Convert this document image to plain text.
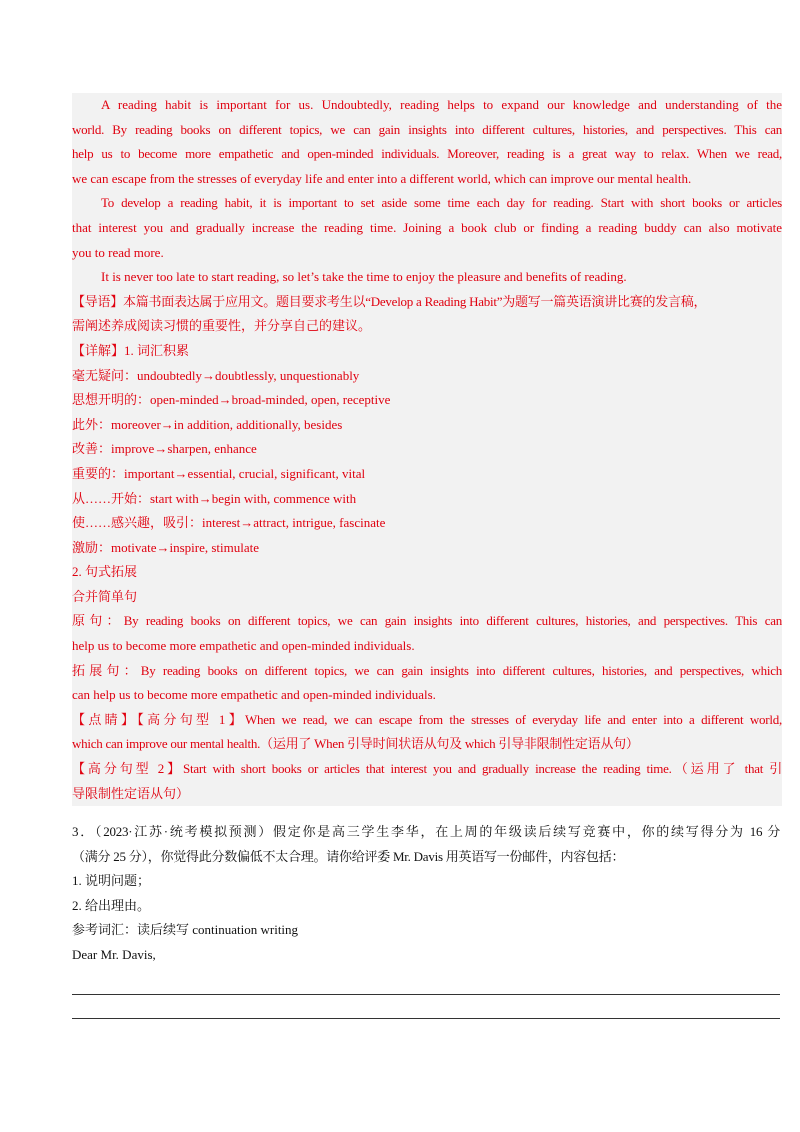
A reading habit is important for us. Undoubtedly, reading helps to expand our knowledge and understanding of the
world. By reading books on different topics, we can gain insights into different cultures, histories, and perspectives. This can
help us to become more empathetic and open-minded individuals. Moreover, reading is a great way to relax. When we read,
we can escape from the stresses of everyday life and enter into a different world, which can improve our mental health.
To develop a reading habit, it is important to set aside some time each day for reading. Start with short books or articles
that interest you and gradually increase the reading time. Joining a book club or finding a reading buddy can also motivate
you to read more.
It is never too late to start reading, so let’s take the time to enjoy the pleasure and benefits of reading.
【导语】本篇书面表达属于应用文。题目要求考生以“Develop a Reading Habit”为题写一篇英语演讲比赛的发言稿，
需阐述养成阅读习惯的重要性，并分享自己的建议。
【详解】1. 词汇积累
毫无疑问：undoubtedly→doubtlessly, unquestionably
思想开明的：open-minded→broad-minded, open, receptive
此外：moreover→in addition, additionally, besides
改善：improve→sharpen, enhance
重要的：important→essential, crucial, significant, vital
从……开始：start with→begin with, commence with
使……感兴趣，吸引：interest→attract, intrigue, fascinate
激励：motivate→inspire, stimulate
2. 句式拓展
合并简单句
原句：By reading books on different topics, we can gain insights into different cultures, histories, and perspectives. This can
help us to become more empathetic and open-minded individuals.
拓展句：By reading books on different topics, we can gain insights into different cultures, histories, and perspectives, which
can help us to become more empathetic and open-minded individuals.
【点睛】【高分句型 1】When we read, we can escape from the stresses of everyday life and enter into a different world,
which can improve our mental health.（运用了 When 引导时间状语从句及 which 引导非限制性定语从句）
【高分句型 2】Start with short books or articles that interest you and gradually increase the reading time.（运用了 that 引
导限制性定语从句）
3．（2023·江苏·统考模拟预测）假定你是高三学生李华，在上周的年级读后续写竞赛中，你的续写得分为 16 分
（满分 25 分），你觉得此分数偏低不太合理。请你给评委 Mr. Davis 用英语写一份邮件，内容包括：
1. 说明问题；
2. 给出理由。
参考词汇：读后续写 continuation writing
Dear Mr. Davis,
